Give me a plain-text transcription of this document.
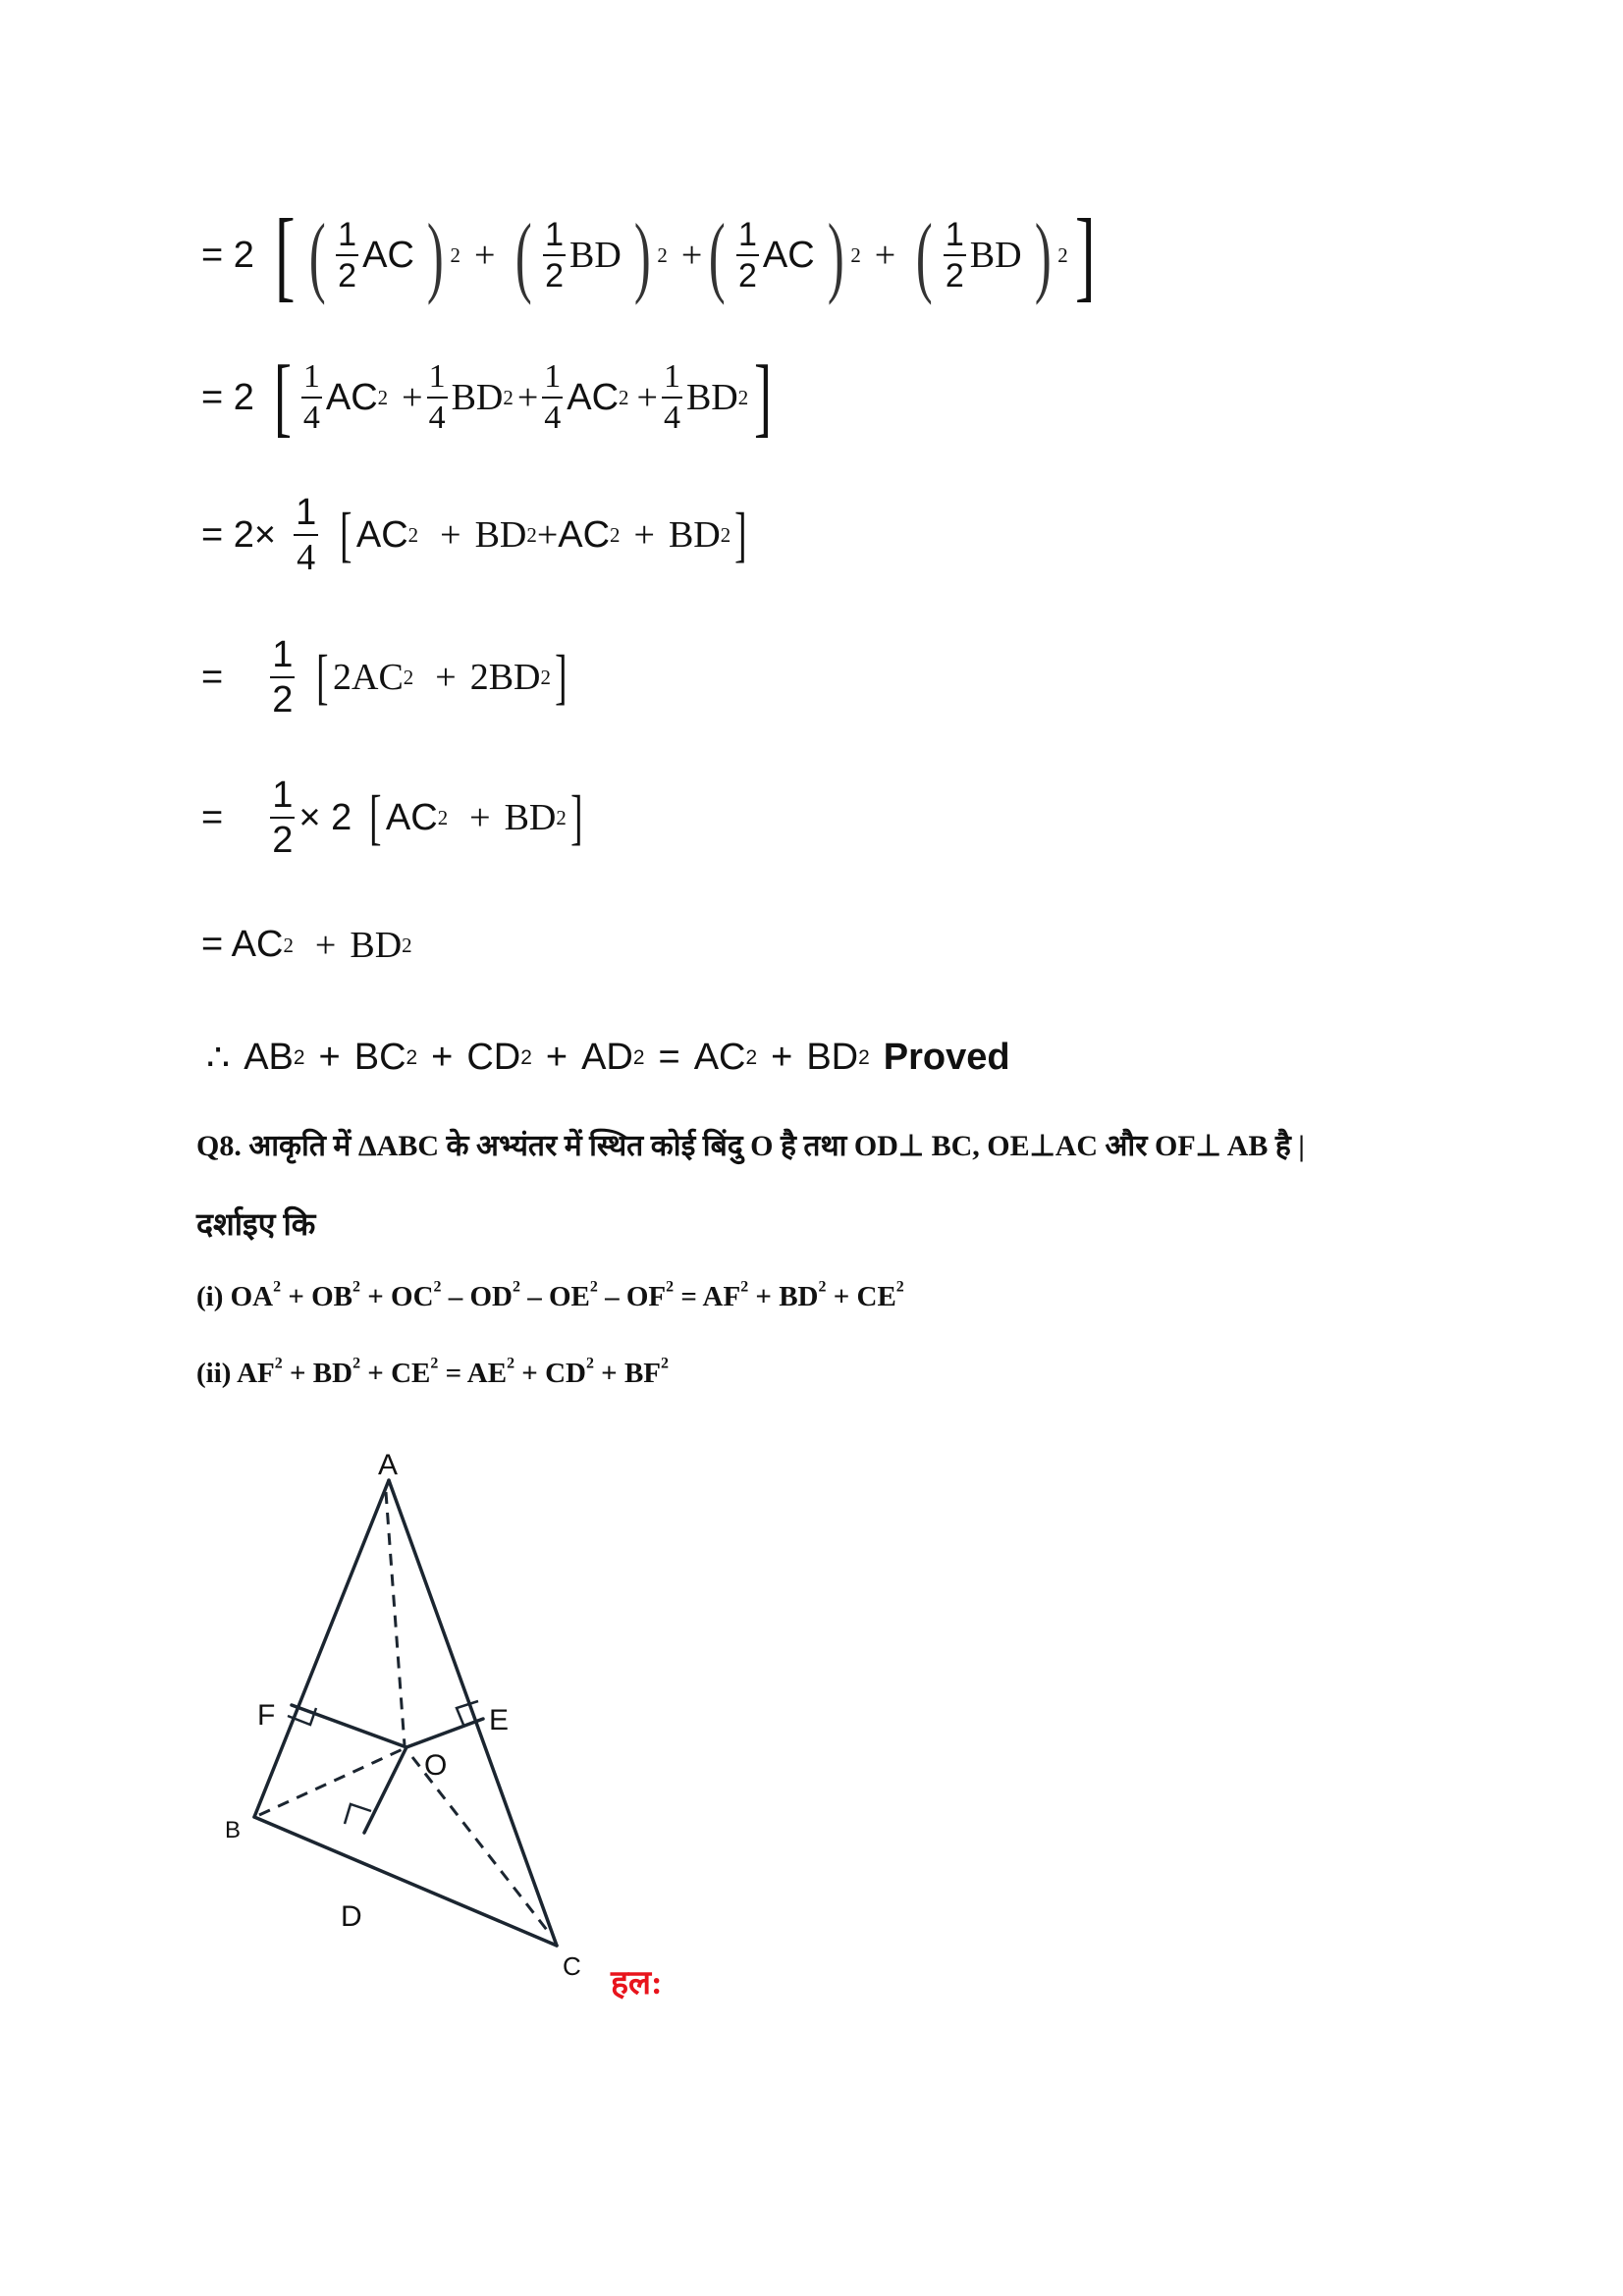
= 2 [ ( $\frac{1}{2}$ AC ) 2 + ( $\frac{1}{2}$ BD ) 2 + ( $\frac{1}{2}$ AC ) 2 + ( $\frac{1}{2}$ BD ) 2 ]
= 2 [ $\frac{1}{4}$ AC $2 + \frac{1}{4}$ BD $2 + \frac{1}{4}$ AC $2 + \frac{1}{4}$ BD 2 ]
= $2\times \frac{1}{4}$ [ AC 2 + BD 2 + AC 2 + BD 2 ]
= $\frac{1}{2}$ [ 2AC 2 + 2BD 2 ]
= $\frac{1}{2} \times 2$ [ AC 2 + BD 2 ]
= AC 2 + BD 2
∴ AB 2 + BC 2 + CD 2 + AD 2 = AC 2 + BD 2 Proved
Q8. आकृति में ΔABC के अभ्यंतर में स्थित कोई बिंदु O है तथा OD⊥ BC, OE⊥AC और OF⊥ AB है |
दर्शाइए कि
(i) $OA^2 + OB^2 + OC^2 - OD^2 - OE^2 - OF^2 = AF^2 + BD^2 + CE^2$
(ii) $AF^2 + BD^2 + CE^2 = AE^2 + CD^2 + BF^2$
A
B
C
D
E
F
O
हल:
